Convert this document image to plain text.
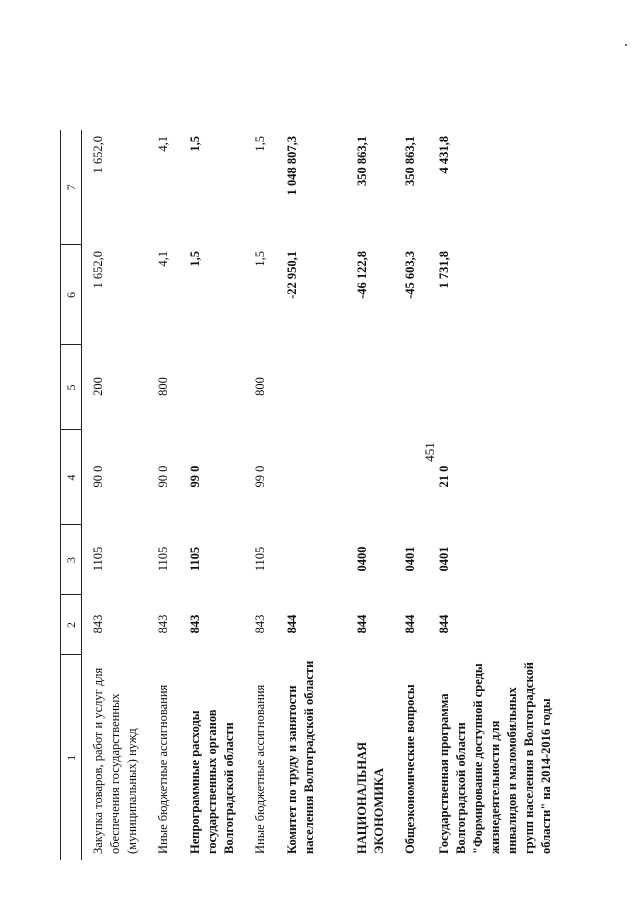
451
1	2	3	4	5	6	7
Закупка товаров, работ и услуг для обеспечения государственных (муниципальных) нужд	843	1105	90 0	200	1 652,0	1 652,0
Иные бюджетные ассигнования	843	1105	90 0	800	4,1	4,1
Непрограммные расходы государственных органов Волгоградской области	843	1105	99 0		1,5	1,5
Иные бюджетные ассигнования	843	1105	99 0	800	1,5	1,5
Комитет по труду и занятости населения Волгоградской области	844				-22 950,1	1 048 807,3
НАЦИОНАЛЬНАЯ ЭКОНОМИКА	844	0400			-46 122,8	350 863,1
Общеэкономические вопросы	844	0401			-45 603,3	350 863,1
Государственная программа Волгоградской области "Формирование доступной среды жизнедеятельности для инвалидов и маломобильных групп населения в Волгоградской области" на 2014-2016 годы	844	0401	21 0		1 731,8	4 431,8
